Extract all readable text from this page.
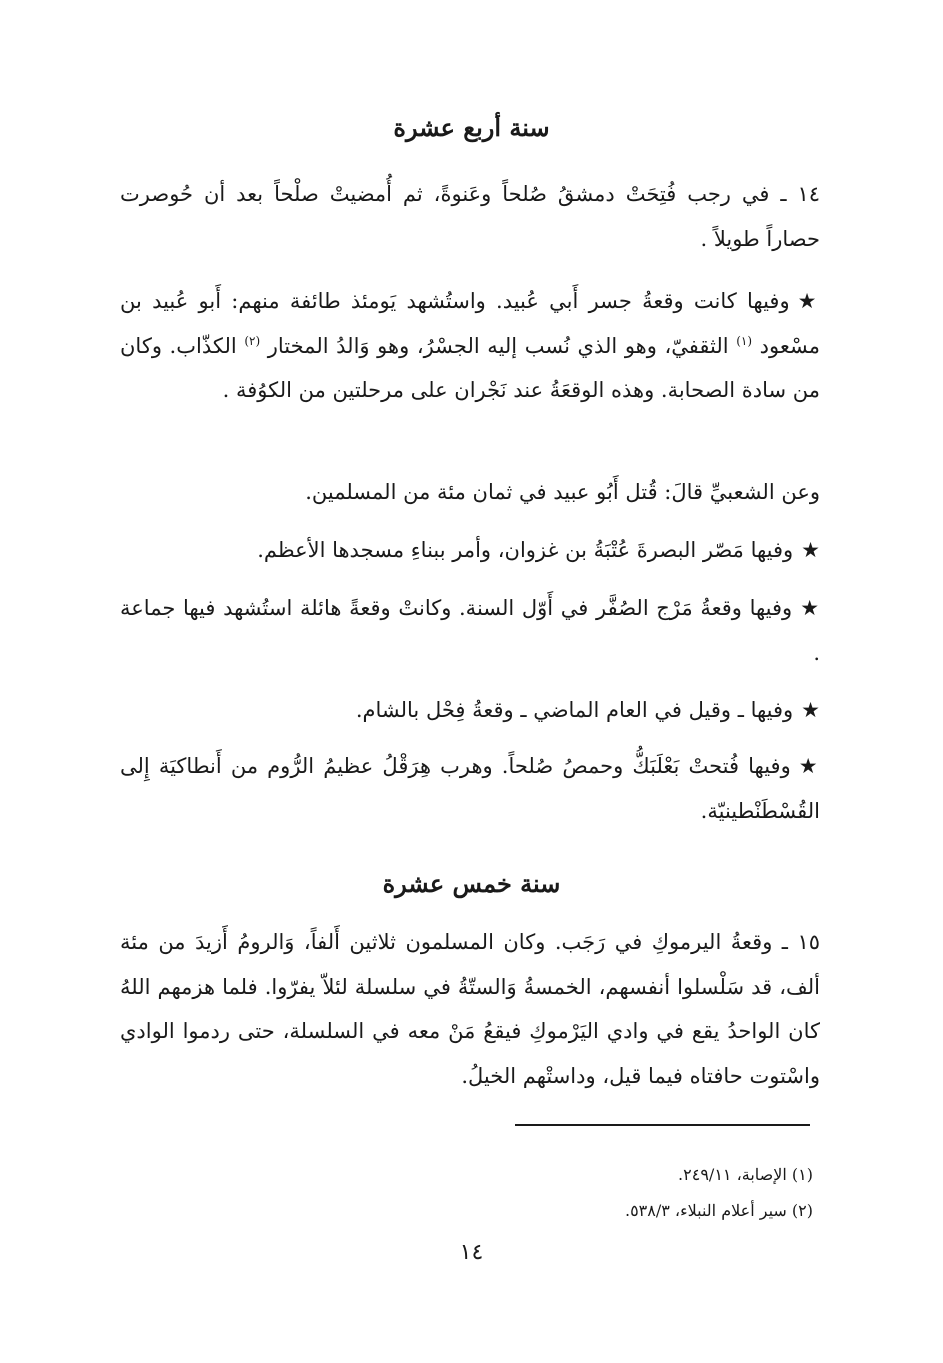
سنة أربع عشرة
١٤ ـ في رجب فُتِحَتْ دمشقُ صُلحاً وعَنوةً، ثم أُمضيتْ صلْحاً بعد أن حُوصرت حصاراً طويلاً .
★وفيها كانت وقعةُ جسر أَبي عُبيد. واستُشهد يَومئذ طائفة منهم: أَبو عُبيد بن مسْعود $^{(١)}$ الثقفيّ، وهو الذي نُسب إليه الجسْرُ، وهو وَالدُ المختار $^{(٢)}$ الكذّاب. وكان من سادة الصحابة. وهذه الوقعَةُ عند نَجْران على مرحلتين من الكوُفة .
وعن الشعبيِّ قالَ: قُتل أَبُو عبيد في ثمان مئة من المسلمين.
★وفيها مَصّر البصرةَ عُتْبَةُ بن غزوان، وأمر ببناءِ مسجدها الأعظم.
★وفيها وقعةُ مَرْج الصُفَّر في أَوّل السنة. وكانتْ وقعةً هائلة استُشهد فيها جماعة .
★وفيها ـ وقيل في العام الماضي ـ وقعةُ فِحْل بالشام.
★وفيها فُتحتْ بَعْلَبَكُّ وحمصُ صُلحاً. وهرب هِرَقْلُ عظيمُ الرُّوم من أَنطاكيَة إِلى القُسْطَنْطينيّة.
سنة خمس عشرة
١٥ ـ وقعةُ اليرموكِ في رَجَب. وكان المسلمون ثلاثين أَلفاً، وَالرومُ أَزيدَ من مئة ألف، قد سَلْسلوا أنفسهم، الخمسةُ وَالستّةُ في سلسلة لئلاّ يفرّوا. فلما هزمهم اللهُ كان الواحدُ يقع في وادي اليَرْموكِ فيقعُ مَنْ معه في السلسلة، حتى ردموا الوادي واسْتوت حافتاه فيما قيل، وداستْهم الخيلُ.
(١) الإصابة، ٢٤٩/١١.
(٢) سير أعلام النبلاء، ٥٣٨/٣.
١٤
